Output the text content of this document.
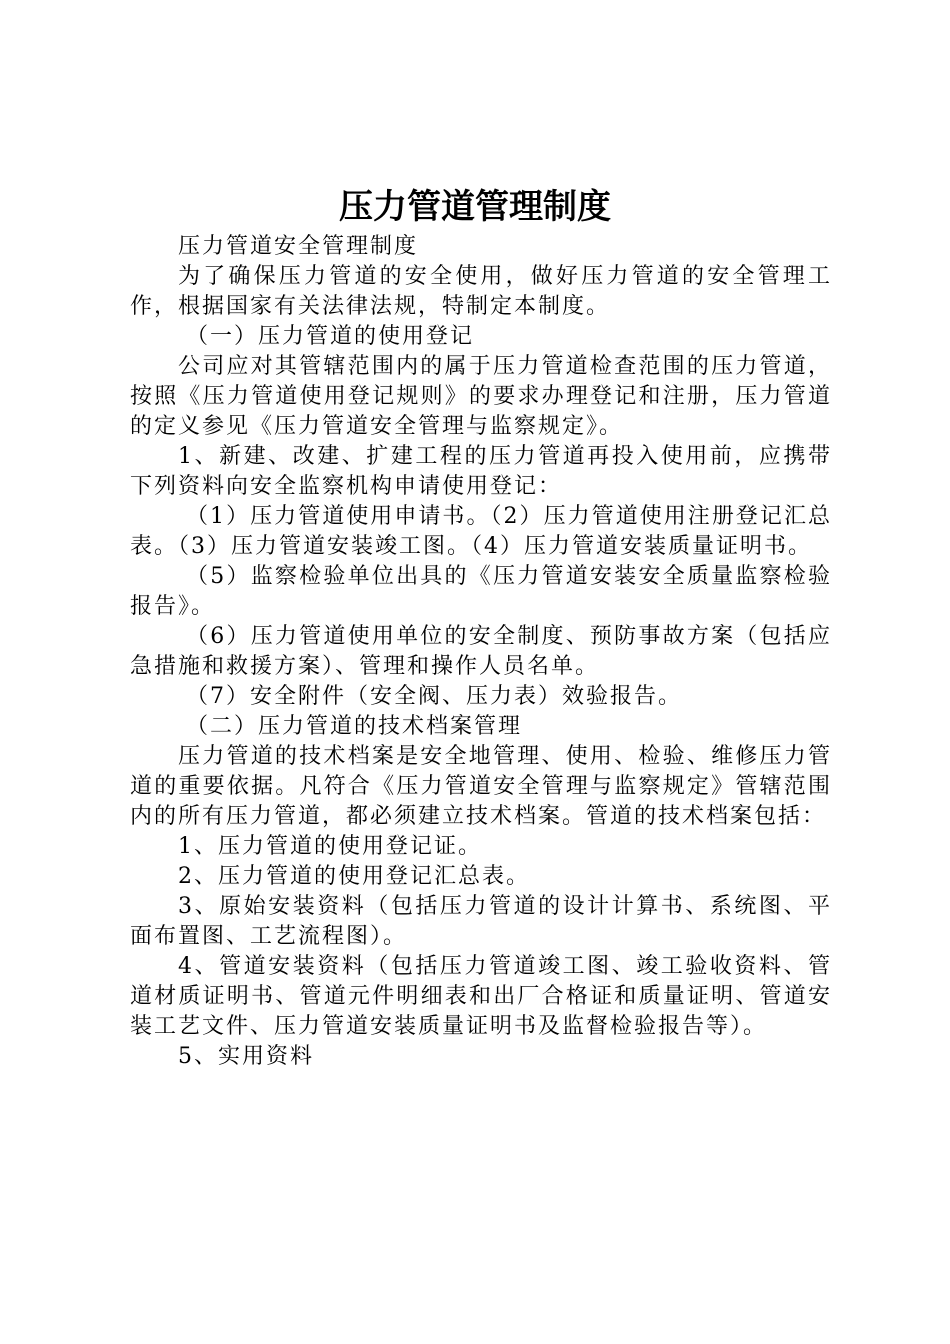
压力管道管理制度

压力管道安全管理制度

为了确保压力管道的安全使用，做好压力管道的安全管理工作，根据国家有关法律法规，特制定本制度。

（一）压力管道的使用登记

公司应对其管辖范围内的属于压力管道检查范围的压力管道，按照《压力管道使用登记规则》的要求办理登记和注册，压力管道的定义参见《压力管道安全管理与监察规定》。

1、新建、改建、扩建工程的压力管道再投入使用前，应携带下列资料向安全监察机构申请使用登记：

（1）压力管道使用申请书。（2）压力管道使用注册登记汇总表。（3）压力管道安装竣工图。（4）压力管道安装质量证明书。

（5）监察检验单位出具的《压力管道安装安全质量监察检验报告》。

（6）压力管道使用单位的安全制度、预防事故方案（包括应急措施和救援方案）、管理和操作人员名单。

（7）安全附件（安全阀、压力表）效验报告。

（二）压力管道的技术档案管理

压力管道的技术档案是安全地管理、使用、检验、维修压力管道的重要依据。凡符合《压力管道安全管理与监察规定》管辖范围内的所有压力管道，都必须建立技术档案。管道的技术档案包括：

1、压力管道的使用登记证。

2、压力管道的使用登记汇总表。

3、原始安装资料（包括压力管道的设计计算书、系统图、平面布置图、工艺流程图）。

4、管道安装资料（包括压力管道竣工图、竣工验收资料、管道材质证明书、管道元件明细表和出厂合格证和质量证明、管道安装工艺文件、压力管道安装质量证明书及监督检验报告等）。

5、实用资料
